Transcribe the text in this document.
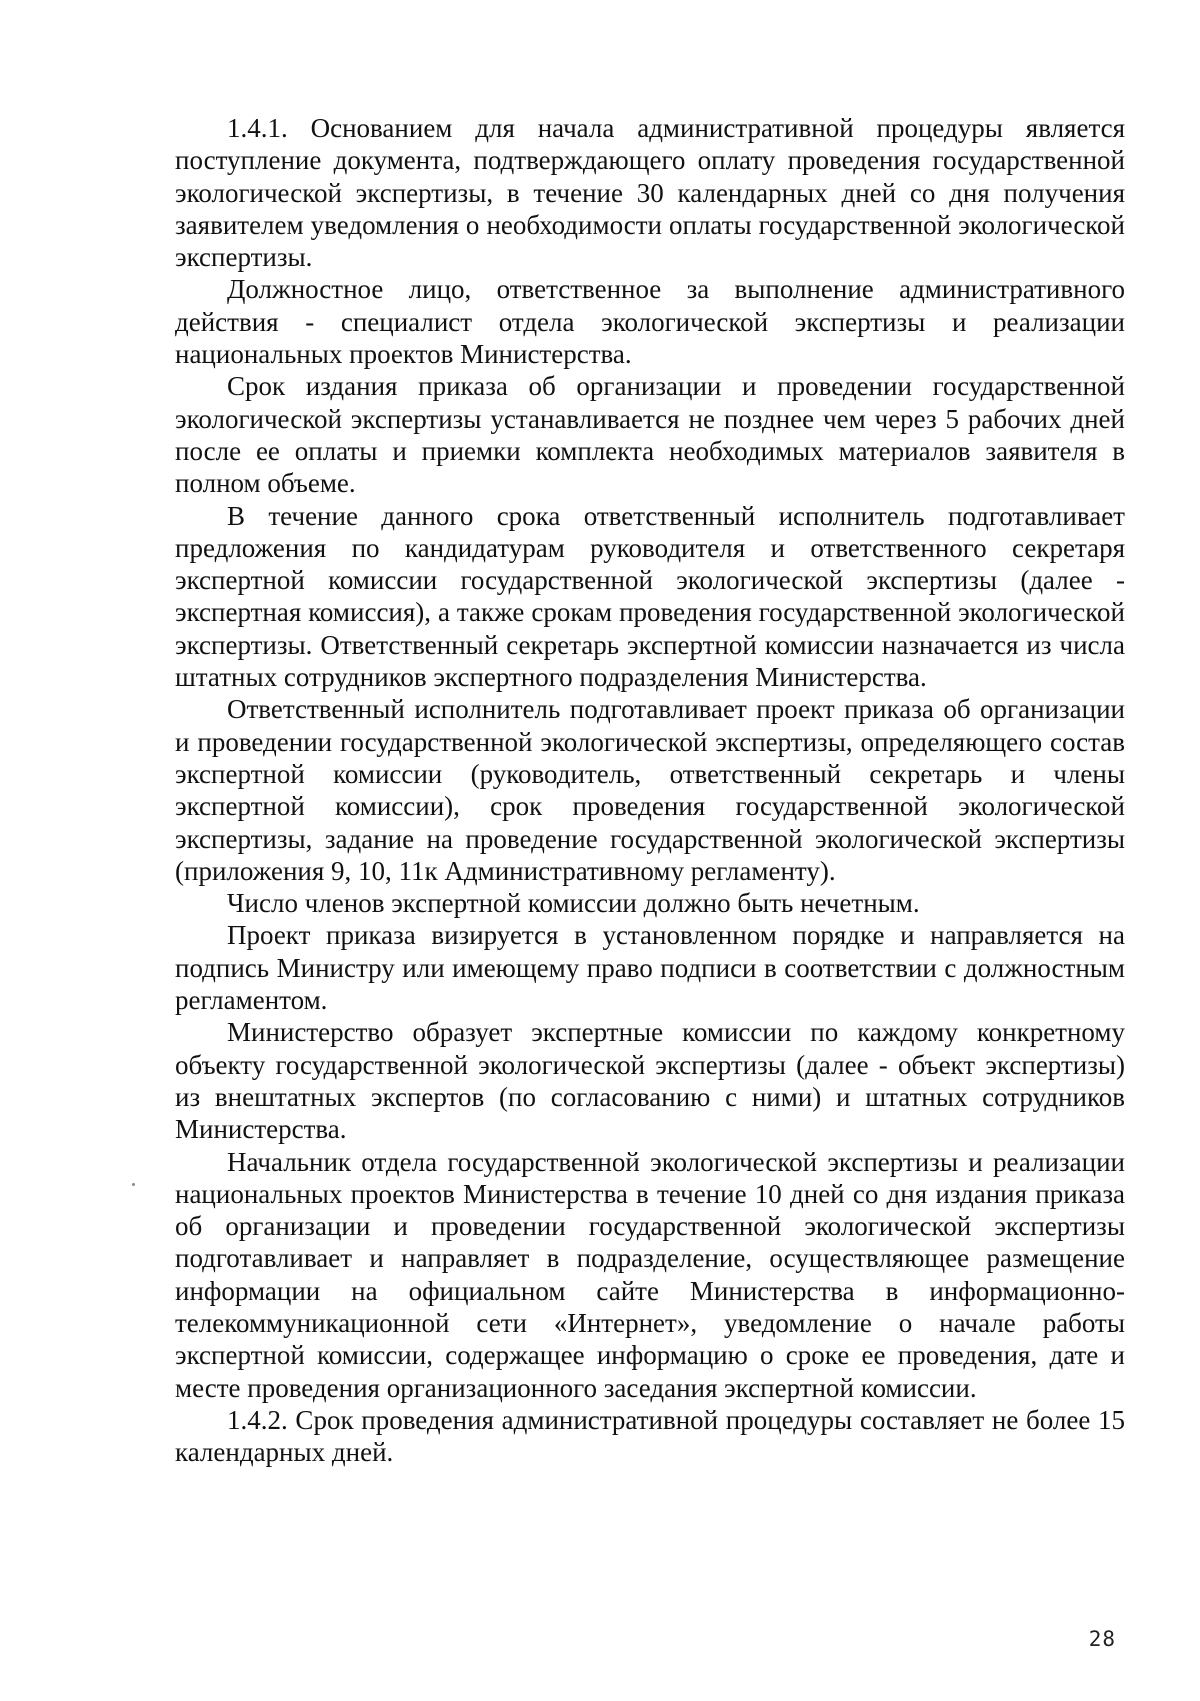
1.4.1. Основанием для начала административной процедуры является поступление документа, подтверждающего оплату проведения государственной экологической экспертизы, в течение 30 календарных дней со дня получения заявителем уведомления о необходимости оплаты государственной экологической экспертизы.

Должностное лицо, ответственное за выполнение административного действия - специалист отдела экологической экспертизы и реализации национальных проектов Министерства.

Срок издания приказа об организации и проведении государственной экологической экспертизы устанавливается не позднее чем через 5 рабочих дней после ее оплаты и приемки комплекта необходимых материалов заявителя в полном объеме.

В течение данного срока ответственный исполнитель подготавливает предложения по кандидатурам руководителя и ответственного секретаря экспертной комиссии государственной экологической экспертизы (далее - экспертная комиссия), а также срокам проведения государственной экологической экспертизы. Ответственный секретарь экспертной комиссии назначается из числа штатных сотрудников экспертного подразделения Министерства.

Ответственный исполнитель подготавливает проект приказа об организации и проведении государственной экологической экспертизы, определяющего состав экспертной комиссии (руководитель, ответственный секретарь и члены экспертной комиссии), срок проведения государственной экологической экспертизы, задание на проведение государственной экологической экспертизы (приложения 9, 10, 11к Административному регламенту).

Число членов экспертной комиссии должно быть нечетным.

Проект приказа визируется в установленном порядке и направляется на подпись Министру или имеющему право подписи в соответствии с должностным регламентом.

Министерство образует экспертные комиссии по каждому конкретному объекту государственной экологической экспертизы (далее - объект экспертизы) из внештатных экспертов (по согласованию с ними) и штатных сотрудников Министерства.

Начальник отдела государственной экологической экспертизы и реализации национальных проектов Министерства в течение 10 дней со дня издания приказа об организации и проведении государственной экологической экспертизы подготавливает и направляет в подразделение, осуществляющее размещение информации на официальном сайте Министерства в информационно-телекоммуникационной сети «Интернет», уведомление о начале работы экспертной комиссии, содержащее информацию о сроке ее проведения, дате и месте проведения организационного заседания экспертной комиссии.

1.4.2. Срок проведения административной процедуры составляет не более 15 календарных дней.

28
